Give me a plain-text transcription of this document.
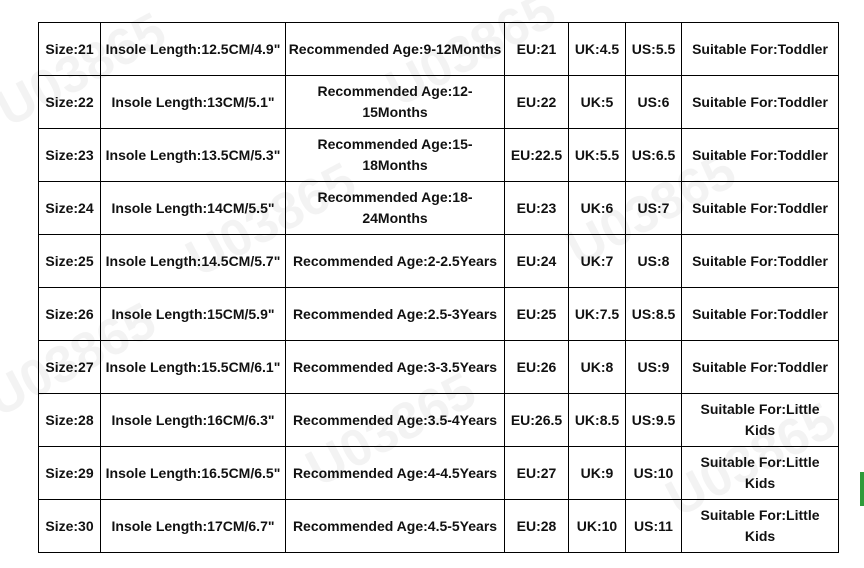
Size:21	Insole Length:12.5CM/4.9"	Recommended Age:9-12Months	EU:21	UK:4.5	US:5.5	Suitable For:Toddler
Size:22	Insole Length:13CM/5.1"	Recommended Age:12-15Months	EU:22	UK:5	US:6	Suitable For:Toddler
Size:23	Insole Length:13.5CM/5.3"	Recommended Age:15-18Months	EU:22.5	UK:5.5	US:6.5	Suitable For:Toddler
Size:24	Insole Length:14CM/5.5"	Recommended Age:18-24Months	EU:23	UK:6	US:7	Suitable For:Toddler
Size:25	Insole Length:14.5CM/5.7"	Recommended Age:2-2.5Years	EU:24	UK:7	US:8	Suitable For:Toddler
Size:26	Insole Length:15CM/5.9"	Recommended Age:2.5-3Years	EU:25	UK:7.5	US:8.5	Suitable For:Toddler
Size:27	Insole Length:15.5CM/6.1"	Recommended Age:3-3.5Years	EU:26	UK:8	US:9	Suitable For:Toddler
Size:28	Insole Length:16CM/6.3"	Recommended Age:3.5-4Years	EU:26.5	UK:8.5	US:9.5	Suitable For:Little Kids
Size:29	Insole Length:16.5CM/6.5"	Recommended Age:4-4.5Years	EU:27	UK:9	US:10	Suitable For:Little Kids
Size:30	Insole Length:17CM/6.7"	Recommended Age:4.5-5Years	EU:28	UK:10	US:11	Suitable For:Little Kids
